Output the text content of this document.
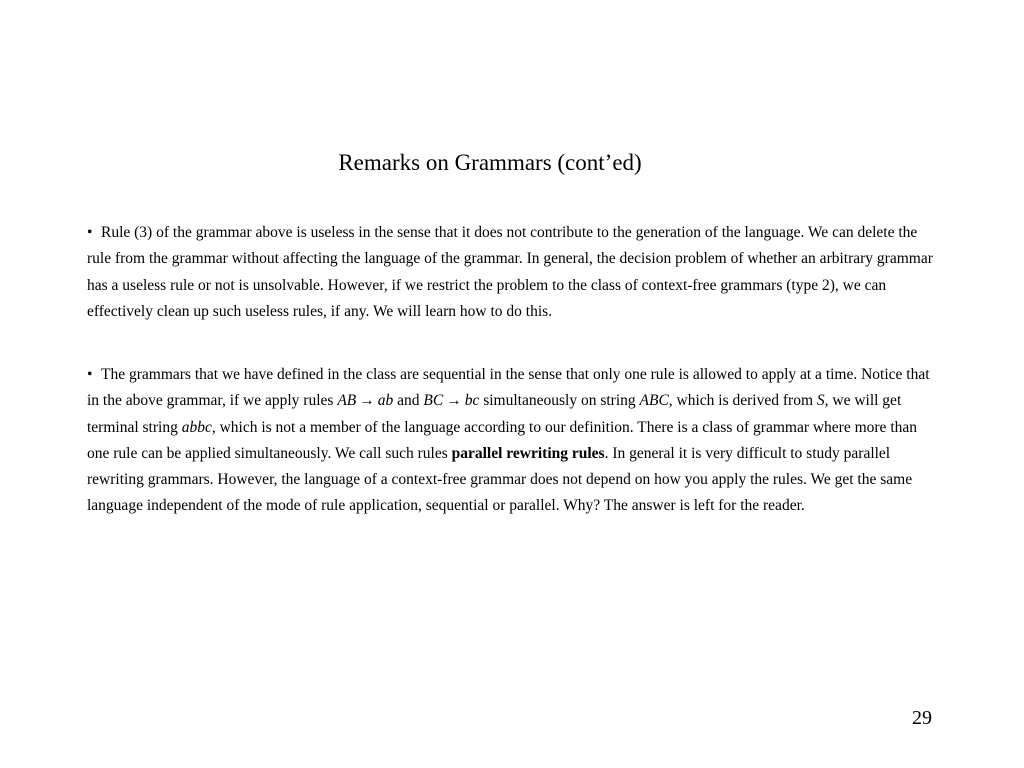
Remarks on Grammars (cont’ed)
• Rule (3) of the grammar above is useless in the sense that it does not contribute to the generation of the language. We can delete the rule from the grammar without affecting the language of the grammar. In general, the decision problem of whether an arbitrary grammar has a useless rule or not is unsolvable. However, if we restrict the problem to the class of context-free grammars (type 2), we can effectively clean up such useless rules, if any. We will learn how to do this.
• The grammars that we have defined in the class are sequential in the sense that only one rule is allowed to apply at a time. Notice that in the above grammar, if we apply rules AB → ab and BC → bc simultaneously on string ABC, which is derived from S, we will get terminal string abbc, which is not a member of the language according to our definition. There is a class of grammar where more than one rule can be applied simultaneously. We call such rules parallel rewriting rules. In general it is very difficult to study parallel rewriting grammars. However, the language of a context-free grammar does not depend on how you apply the rules. We get the same language independent of the mode of rule application, sequential or parallel. Why? The answer is left for the reader.
29
